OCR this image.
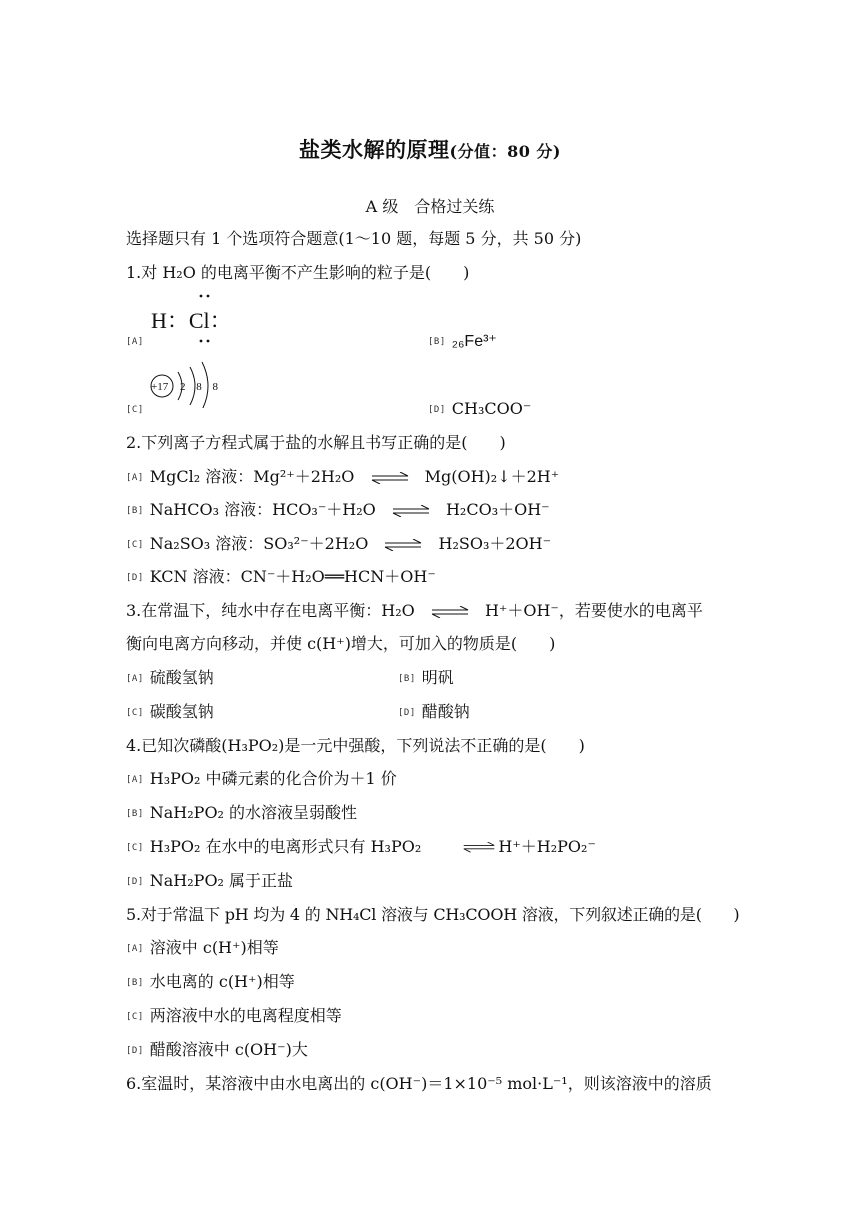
盐类水解的原理(分值：80 分)
A 级　合格过关练
选择题只有 1 个选项符合题意(1～10 题，每题 5 分，共 50 分)
1.对 H₂O 的电离平衡不产生影响的粒子是(　　)
H：Cl：
[A]	[B] ₂₆Fe³⁺
+17 2 8 8
[C]	[D] CH₃COO⁻
2.下列离子方程式属于盐的水解且书写正确的是(　　)
[A] MgCl₂ 溶液：Mg²⁺＋2H₂O ⇌ Mg(OH)₂↓＋2H⁺
[B] NaHCO₃ 溶液：HCO₃⁻＋H₂O ⇌ H₂CO₃＋OH⁻
[C] Na₂SO₃ 溶液：SO₃²⁻＋2H₂O ⇌ H₂SO₃＋2OH⁻
[D] KCN 溶液：CN⁻＋H₂O══HCN＋OH⁻
3.在常温下，纯水中存在电离平衡：H₂O ⇌ H⁺＋OH⁻，若要使水的电离平
衡向电离方向移动，并使 c(H⁺)增大，可加入的物质是(　　)
[A] 硫酸氢钠	[B] 明矾
[C] 碳酸氢钠	[D] 醋酸钠
4.已知次磷酸(H₃PO₂)是一元中强酸，下列说法不正确的是(　　)
[A] H₃PO₂ 中磷元素的化合价为＋1 价
[B] NaH₂PO₂ 的水溶液呈弱酸性
[C] H₃PO₂ 在水中的电离形式只有 H₃PO₂	⇌ H⁺＋H₂PO₂⁻
[D] NaH₂PO₂ 属于正盐
5.对于常温下 pH 均为 4 的 NH₄Cl 溶液与 CH₃COOH 溶液，下列叙述正确的是(　　)
[A] 溶液中 c(H⁺)相等
[B] 水电离的 c(H⁺)相等
[C] 两溶液中水的电离程度相等
[D] 醋酸溶液中 c(OH⁻)大
6.室温时，某溶液中由水电离出的 c(OH⁻)＝1×10⁻⁵ mol·L⁻¹，则该溶液中的溶质
